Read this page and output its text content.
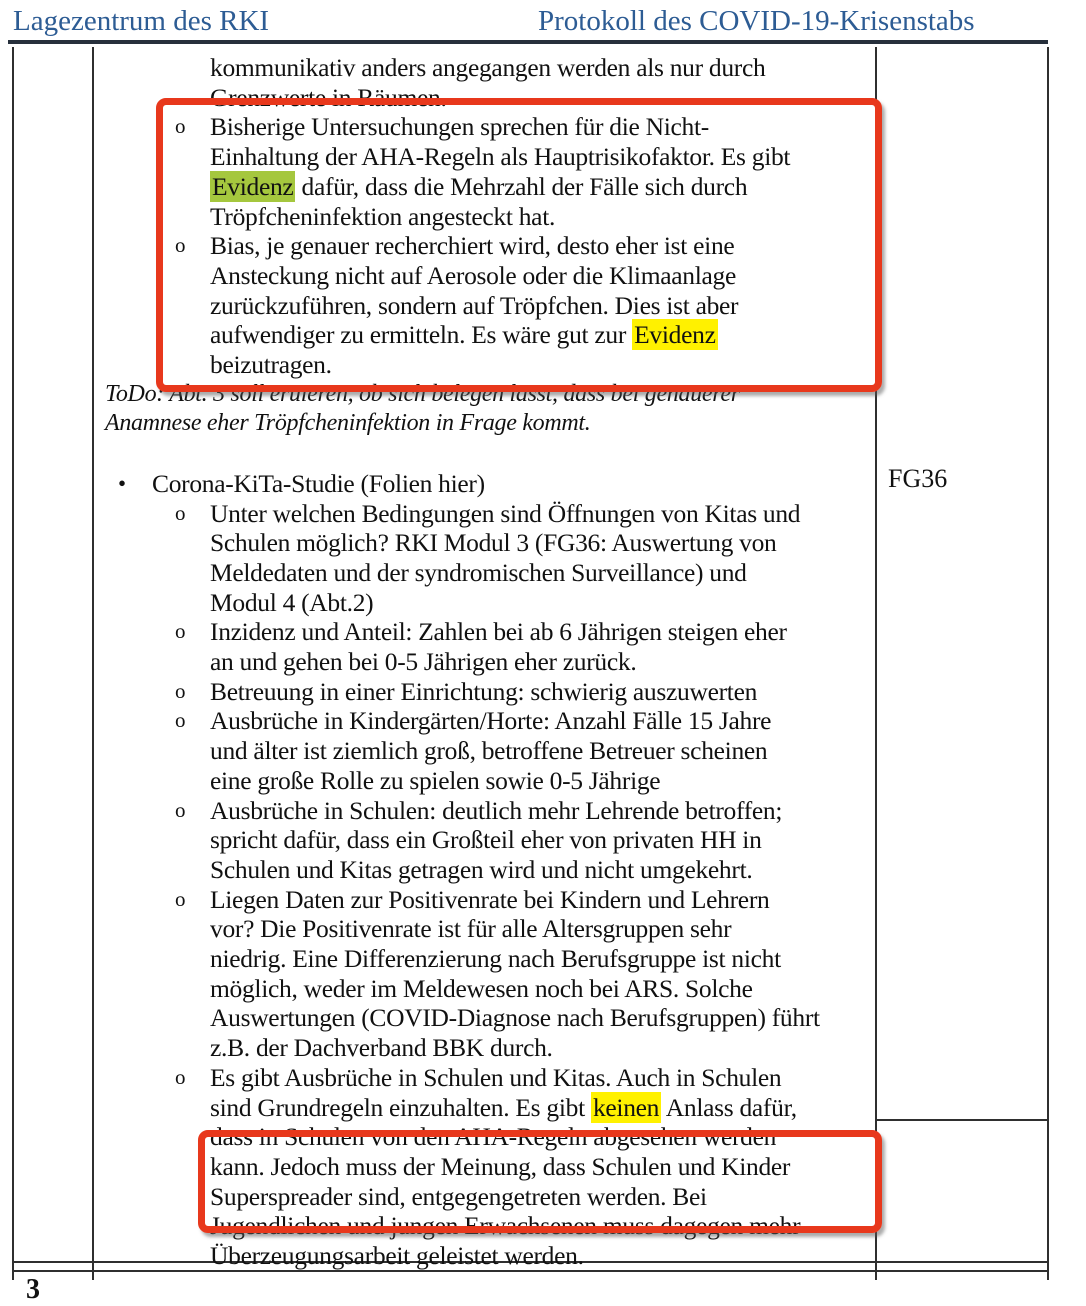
Lagezentrum des RKI	Protokoll des COVID-19-Krisenstabs
kommunikativ anders angegangen werden als nur durch
Grenzwerte in Räumen.
o Bisherige Untersuchungen sprechen für die Nicht-
Einhaltung der AHA-Regeln als Hauptrisikofaktor. Es gibt
Evidenz dafür, dass die Mehrzahl der Fälle sich durch
Tröpfcheninfektion angesteckt hat.
o Bias, je genauer recherchiert wird, desto eher ist eine
Ansteckung nicht auf Aerosole oder die Klimaanlage
zurückzuführen, sondern auf Tröpfchen. Dies ist aber
aufwendiger zu ermitteln. Es wäre gut zur Evidenz
beizutragen.
ToDo: Abt. 3 soll eruieren, ob sich belegen lässt, dass bei genauerer
Anamnese eher Tröpfcheninfektion in Frage kommt.
• Corona-KiTa-Studie (Folien hier)
o Unter welchen Bedingungen sind Öffnungen von Kitas und
Schulen möglich? RKI Modul 3 (FG36: Auswertung von
Meldedaten und der syndromischen Surveillance) und
Modul 4 (Abt.2)
o Inzidenz und Anteil: Zahlen bei ab 6 Jährigen steigen eher
an und gehen bei 0-5 Jährigen eher zurück.
o Betreuung in einer Einrichtung: schwierig auszuwerten
o Ausbrüche in Kindergärten/Horte: Anzahl Fälle 15 Jahre
und älter ist ziemlich groß, betroffene Betreuer scheinen
eine große Rolle zu spielen sowie 0-5 Jährige
o Ausbrüche in Schulen: deutlich mehr Lehrende betroffen;
spricht dafür, dass ein Großteil eher von privaten HH in
Schulen und Kitas getragen wird und nicht umgekehrt.
o Liegen Daten zur Positivenrate bei Kindern und Lehrern
vor? Die Positivenrate ist für alle Altersgruppen sehr
niedrig. Eine Differenzierung nach Berufsgruppe ist nicht
möglich, weder im Meldewesen noch bei ARS. Solche
Auswertungen (COVID-Diagnose nach Berufsgruppen) führt
z.B. der Dachverband BBK durch.
o Es gibt Ausbrüche in Schulen und Kitas. Auch in Schulen
sind Grundregeln einzuhalten. Es gibt keinen Anlass dafür,
dass in Schulen von den AHA-Regeln abgesehen werden
kann. Jedoch muss der Meinung, dass Schulen und Kinder
Superspreader sind, entgegengetreten werden. Bei
Jugendlichen und jungen Erwachsenen muss dagegen mehr
Überzeugungsarbeit geleistet werden.
FG36
3
